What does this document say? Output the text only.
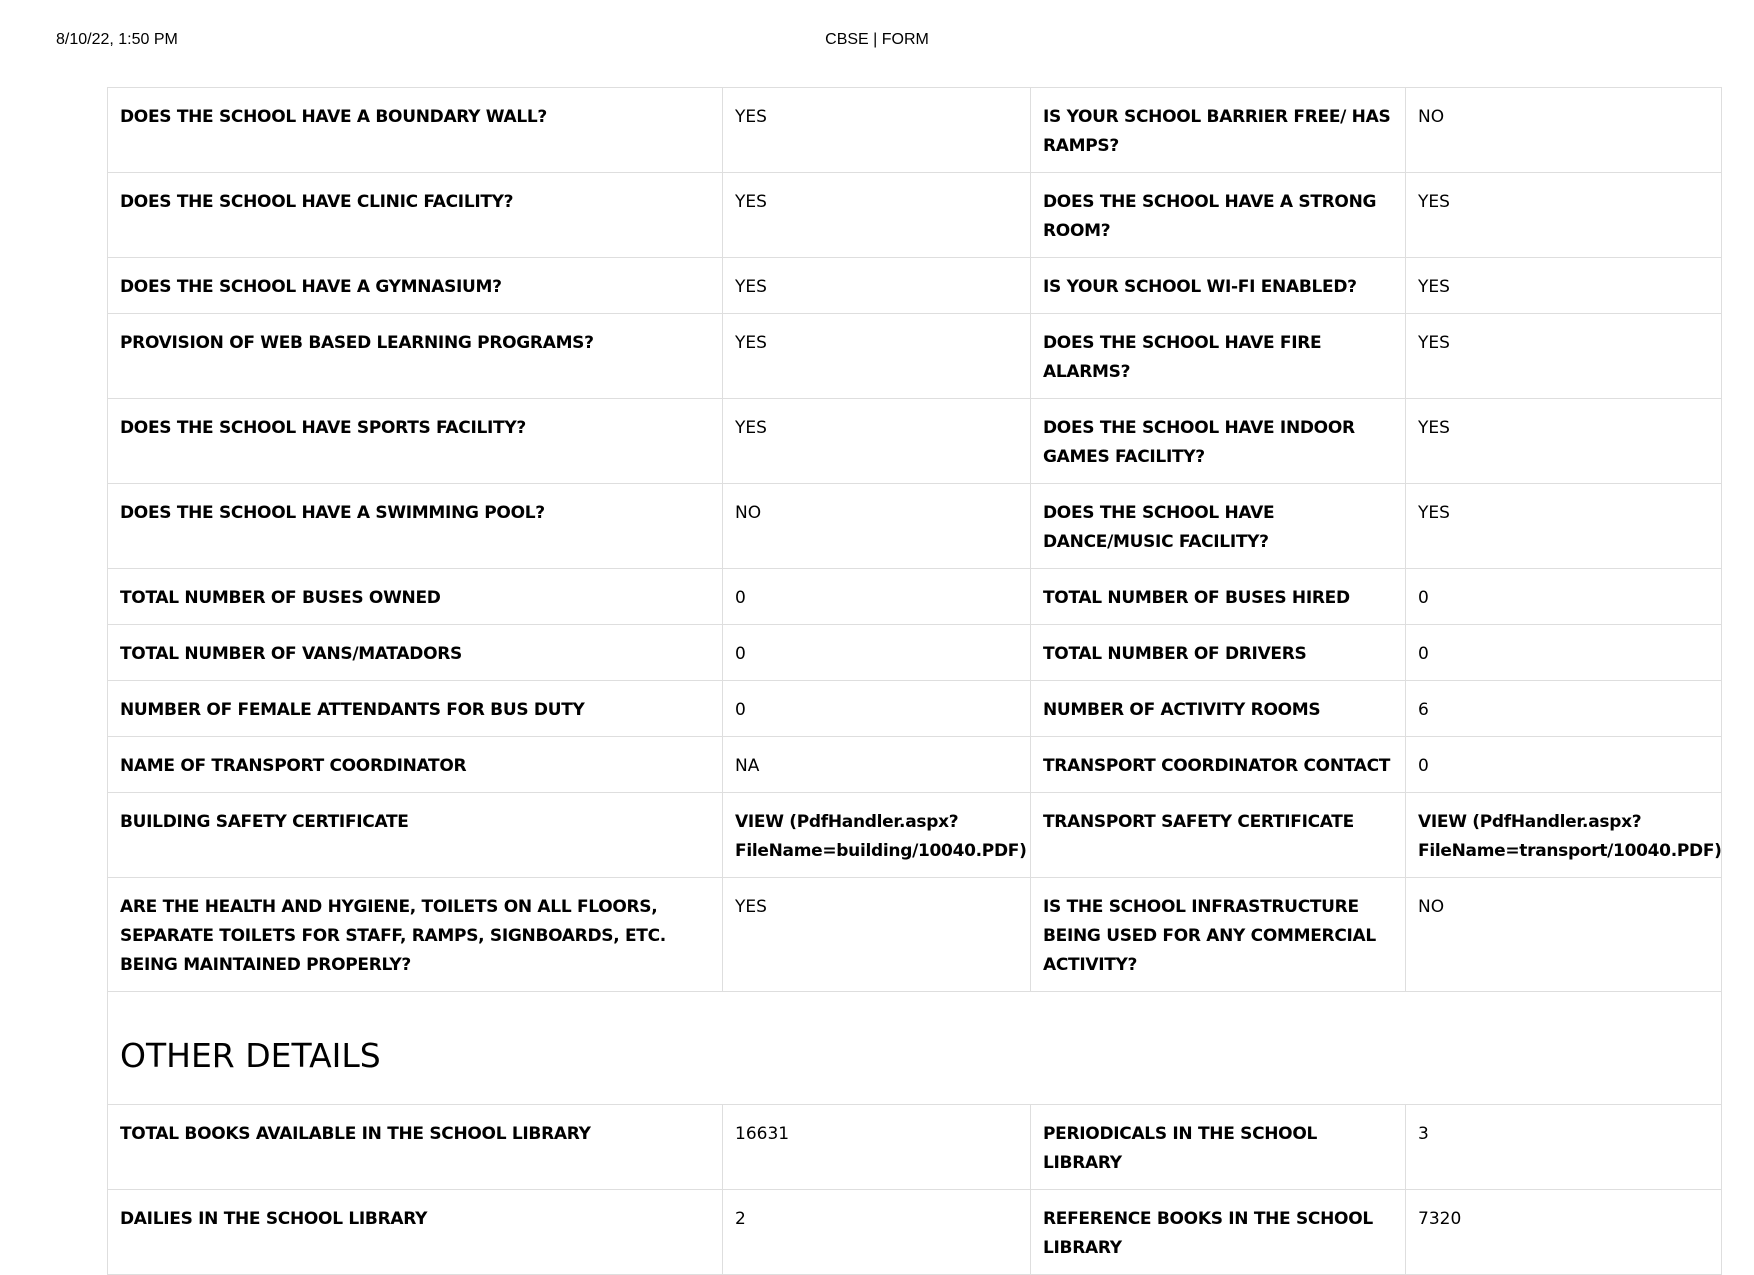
8/10/22, 1:50 PM	CBSE | FORM
DOES THE SCHOOL HAVE A BOUNDARY WALL?	YES	IS YOUR SCHOOL BARRIER FREE/ HAS RAMPS?	NO
DOES THE SCHOOL HAVE CLINIC FACILITY?	YES	DOES THE SCHOOL HAVE A STRONG ROOM?	YES
DOES THE SCHOOL HAVE A GYMNASIUM?	YES	IS YOUR SCHOOL WI-FI ENABLED?	YES
PROVISION OF WEB BASED LEARNING PROGRAMS?	YES	DOES THE SCHOOL HAVE FIRE ALARMS?	YES
DOES THE SCHOOL HAVE SPORTS FACILITY?	YES	DOES THE SCHOOL HAVE INDOOR GAMES FACILITY?	YES
DOES THE SCHOOL HAVE A SWIMMING POOL?	NO	DOES THE SCHOOL HAVE DANCE/MUSIC FACILITY?	YES
TOTAL NUMBER OF BUSES OWNED	0	TOTAL NUMBER OF BUSES HIRED	0
TOTAL NUMBER OF VANS/MATADORS	0	TOTAL NUMBER OF DRIVERS	0
NUMBER OF FEMALE ATTENDANTS FOR BUS DUTY	0	NUMBER OF ACTIVITY ROOMS	6
NAME OF TRANSPORT COORDINATOR	NA	TRANSPORT COORDINATOR CONTACT	0
BUILDING SAFETY CERTIFICATE	VIEW (PdfHandler.aspx?FileName=building/10040.PDF)	TRANSPORT SAFETY CERTIFICATE	VIEW (PdfHandler.aspx?FileName=transport/10040.PDF)
ARE THE HEALTH AND HYGIENE, TOILETS ON ALL FLOORS, SEPARATE TOILETS FOR STAFF, RAMPS, SIGNBOARDS, ETC. BEING MAINTAINED PROPERLY?	YES	IS THE SCHOOL INFRASTRUCTURE BEING USED FOR ANY COMMERCIAL ACTIVITY?	NO
OTHER DETAILS			
TOTAL BOOKS AVAILABLE IN THE SCHOOL LIBRARY	16631	PERIODICALS IN THE SCHOOL LIBRARY	3
DAILIES IN THE SCHOOL LIBRARY	2	REFERENCE BOOKS IN THE SCHOOL LIBRARY	7320
